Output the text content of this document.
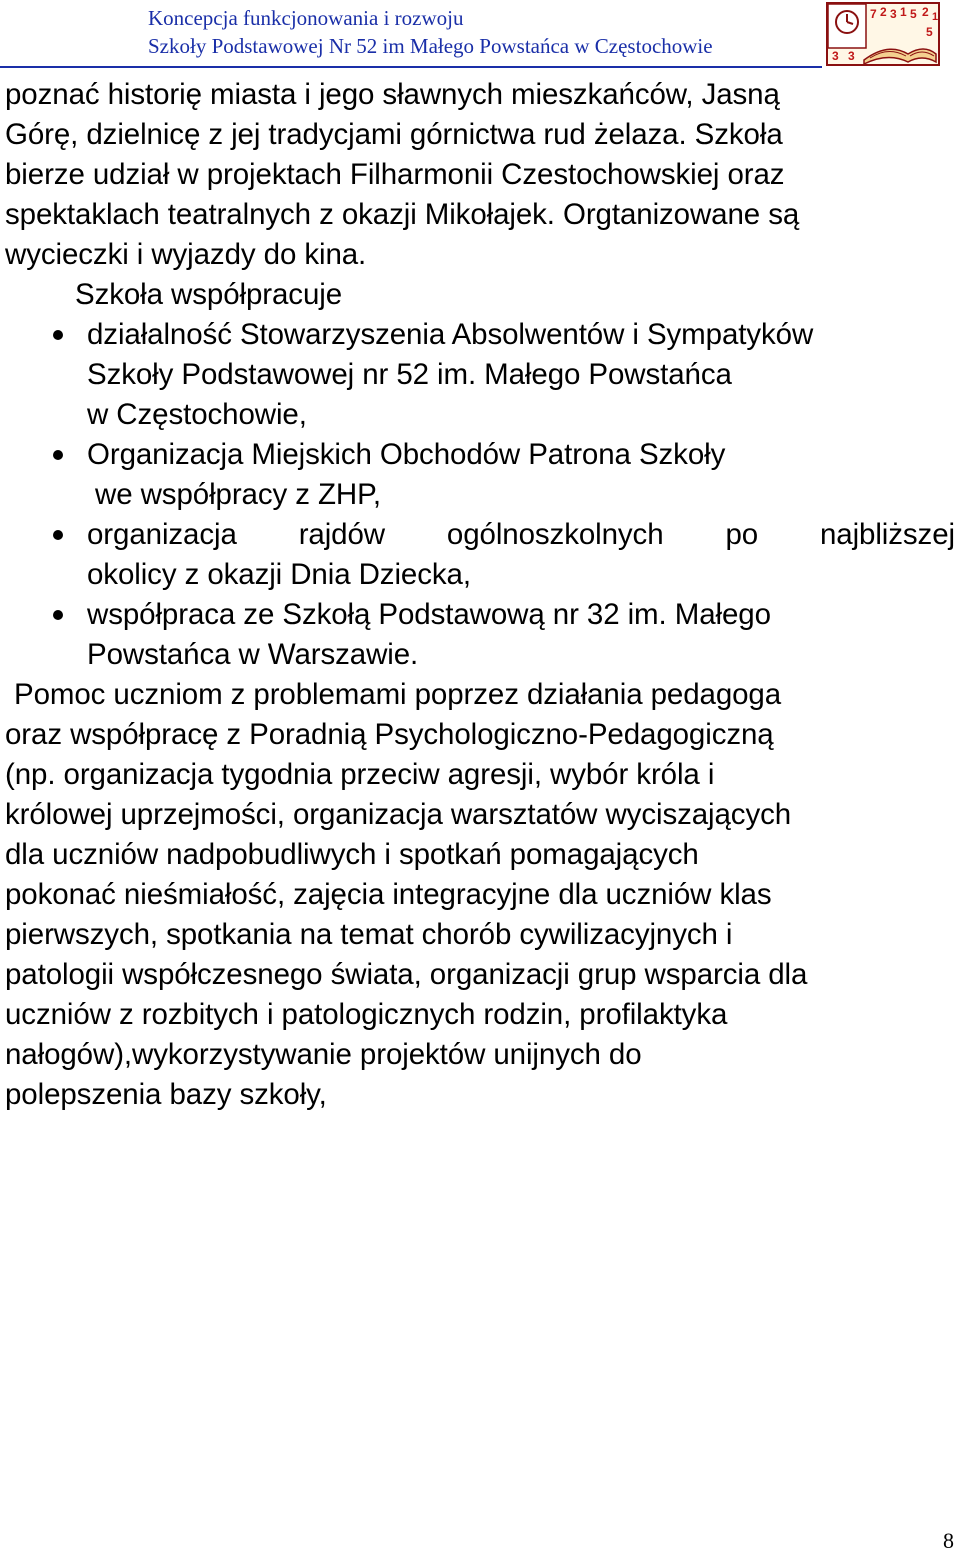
Koncepcja funkcjonowania i rozwoju
Szkoły Podstawowej Nr 52 im Małego Powstańca w Częstochowie
7 2 3 1 5 2 1
3
5
3
poznać historię miasta i jego sławnych mieszkańców, Jasną
Górę, dzielnicę z jej tradycjami górnictwa rud żelaza. Szkoła
bierze udział w projektach Filharmonii Czestochowskiej oraz
spektaklach teatralnych z okazji Mikołajek. Orgtanizowane są
wycieczki i wyjazdy do kina.
Szkoła współpracuje
działalność Stowarzyszenia Absolwentów i Sympatyków
Szkoły Podstawowej nr 52 im. Małego Powstańca
w Częstochowie,
Organizacja Miejskich Obchodów Patrona Szkoły
we współpracy z ZHP,
organizacja rajdów ogólnoszkolnych po najbliższej
okolicy z okazji Dnia Dziecka,
współpraca ze Szkołą Podstawową nr 32 im. Małego
Powstańca w Warszawie.
Pomoc uczniom z problemami poprzez działania pedagoga
oraz współpracę z Poradnią Psychologiczno-Pedagogiczną
(np. organizacja tygodnia przeciw agresji, wybór króla i
królowej uprzejmości, organizacja warsztatów wyciszających
dla uczniów nadpobudliwych i spotkań pomagających
pokonać nieśmiałość, zajęcia integracyjne dla uczniów klas
pierwszych, spotkania na temat chorób cywilizacyjnych i
patologii współczesnego świata, organizacji grup wsparcia dla
uczniów z rozbitych i patologicznych rodzin, profilaktyka
nałogów),wykorzystywanie projektów unijnych do
polepszenia bazy szkoły,
8
